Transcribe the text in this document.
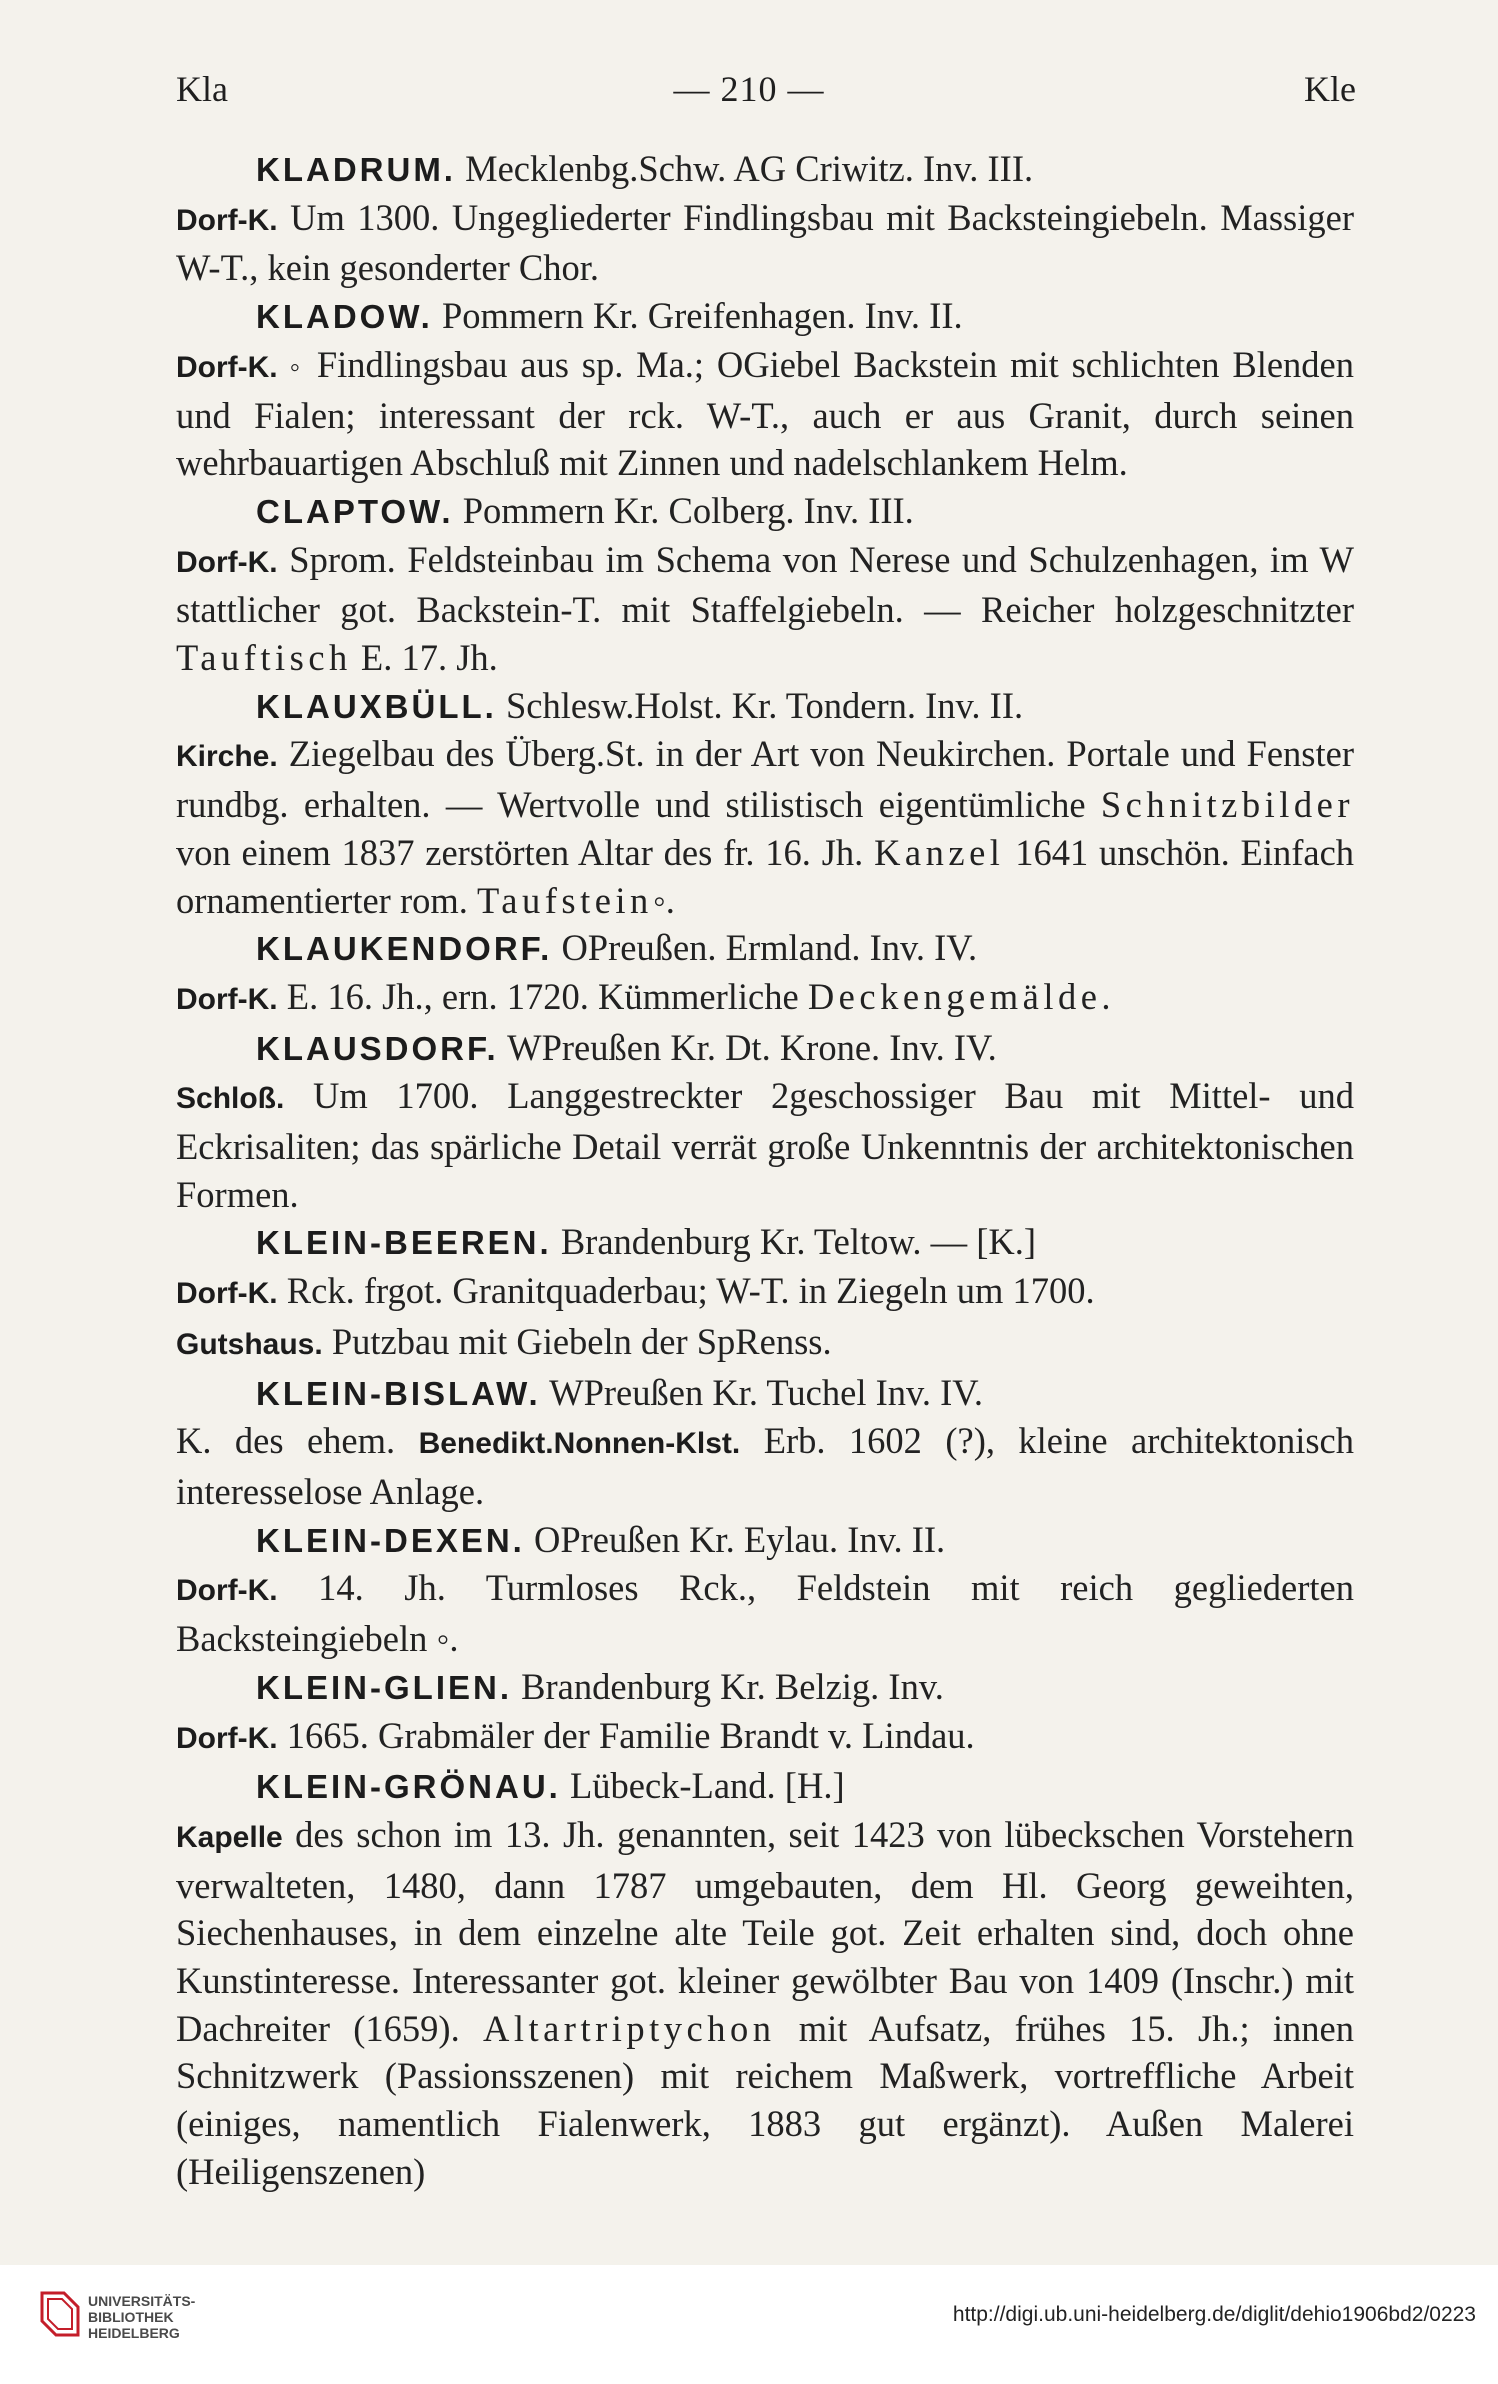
Kla	— 210 —	Kle

KLADRUM. Mecklenbg.Schw. AG Criwitz. Inv. III.

Dorf-K. Um 1300. Ungegliederter Findlingsbau mit Backsteingiebeln. Massiger W-T., kein gesonderter Chor.

KLADOW. Pommern Kr. Greifenhagen. Inv. II.

Dorf-K. ◦ Findlingsbau aus sp. Ma.; OGiebel Backstein mit schlichten Blenden und Fialen; interessant der rck. W-T., auch er aus Granit, durch seinen wehrbauartigen Abschluß mit Zinnen und nadelschlankem Helm.

CLAPTOW. Pommern Kr. Colberg. Inv. III.

Dorf-K. Sprom. Feldsteinbau im Schema von Nerese und Schulzenhagen, im W stattlicher got. Backstein-T. mit Staffelgiebeln. — Reicher holzgeschnitzter Tauftisch E. 17. Jh.

KLAUXBÜLL. Schlesw.Holst. Kr. Tondern. Inv. II.

Kirche. Ziegelbau des Überg.St. in der Art von Neukirchen. Portale und Fenster rundbg. erhalten. — Wertvolle und stilistisch eigentümliche Schnitzbilder von einem 1837 zerstörten Altar des fr. 16. Jh. Kanzel 1641 unschön. Einfach ornamentierter rom. Taufstein◦.

KLAUKENDORF. OPreußen. Ermland. Inv. IV.

Dorf-K. E. 16. Jh., ern. 1720. Kümmerliche Deckengemälde.

KLAUSDORF. WPreußen Kr. Dt. Krone. Inv. IV.

Schloß. Um 1700. Langgestreckter 2geschossiger Bau mit Mittel- und Eckrisaliten; das spärliche Detail verrät große Unkenntnis der architektonischen Formen.

KLEIN-BEEREN. Brandenburg Kr. Teltow. — [K.]

Dorf-K. Rck. frgot. Granitquaderbau; W-T. in Ziegeln um 1700.

Gutshaus. Putzbau mit Giebeln der SpRenss.

KLEIN-BISLAW. WPreußen Kr. Tuchel Inv. IV.

K. des ehem. Benedikt.Nonnen-Klst. Erb. 1602 (?), kleine architektonisch interesselose Anlage.

KLEIN-DEXEN. OPreußen Kr. Eylau. Inv. II.

Dorf-K. 14. Jh. Turmloses Rck., Feldstein mit reich gegliederten Backsteingiebeln ◦.

KLEIN-GLIEN. Brandenburg Kr. Belzig. Inv.

Dorf-K. 1665. Grabmäler der Familie Brandt v. Lindau.

KLEIN-GRÖNAU. Lübeck-Land. [H.]

Kapelle des schon im 13. Jh. genannten, seit 1423 von lübeckschen Vorstehern verwalteten, 1480, dann 1787 umgebauten, dem Hl. Georg geweihten, Siechenhauses, in dem einzelne alte Teile got. Zeit erhalten sind, doch ohne Kunstinteresse. Interessanter got. kleiner gewölbter Bau von 1409 (Inschr.) mit Dachreiter (1659). Altartriptychon mit Aufsatz, frühes 15. Jh.; innen Schnitzwerk (Passionsszenen) mit reichem Maßwerk, vortreffliche Arbeit (einiges, namentlich Fialenwerk, 1883 gut ergänzt). Außen Malerei (Heiligenszenen)

UNIVERSITÄTS-
BIBLIOTHEK
HEIDELBERG
http://digi.ub.uni-heidelberg.de/diglit/dehio1906bd2/0223
